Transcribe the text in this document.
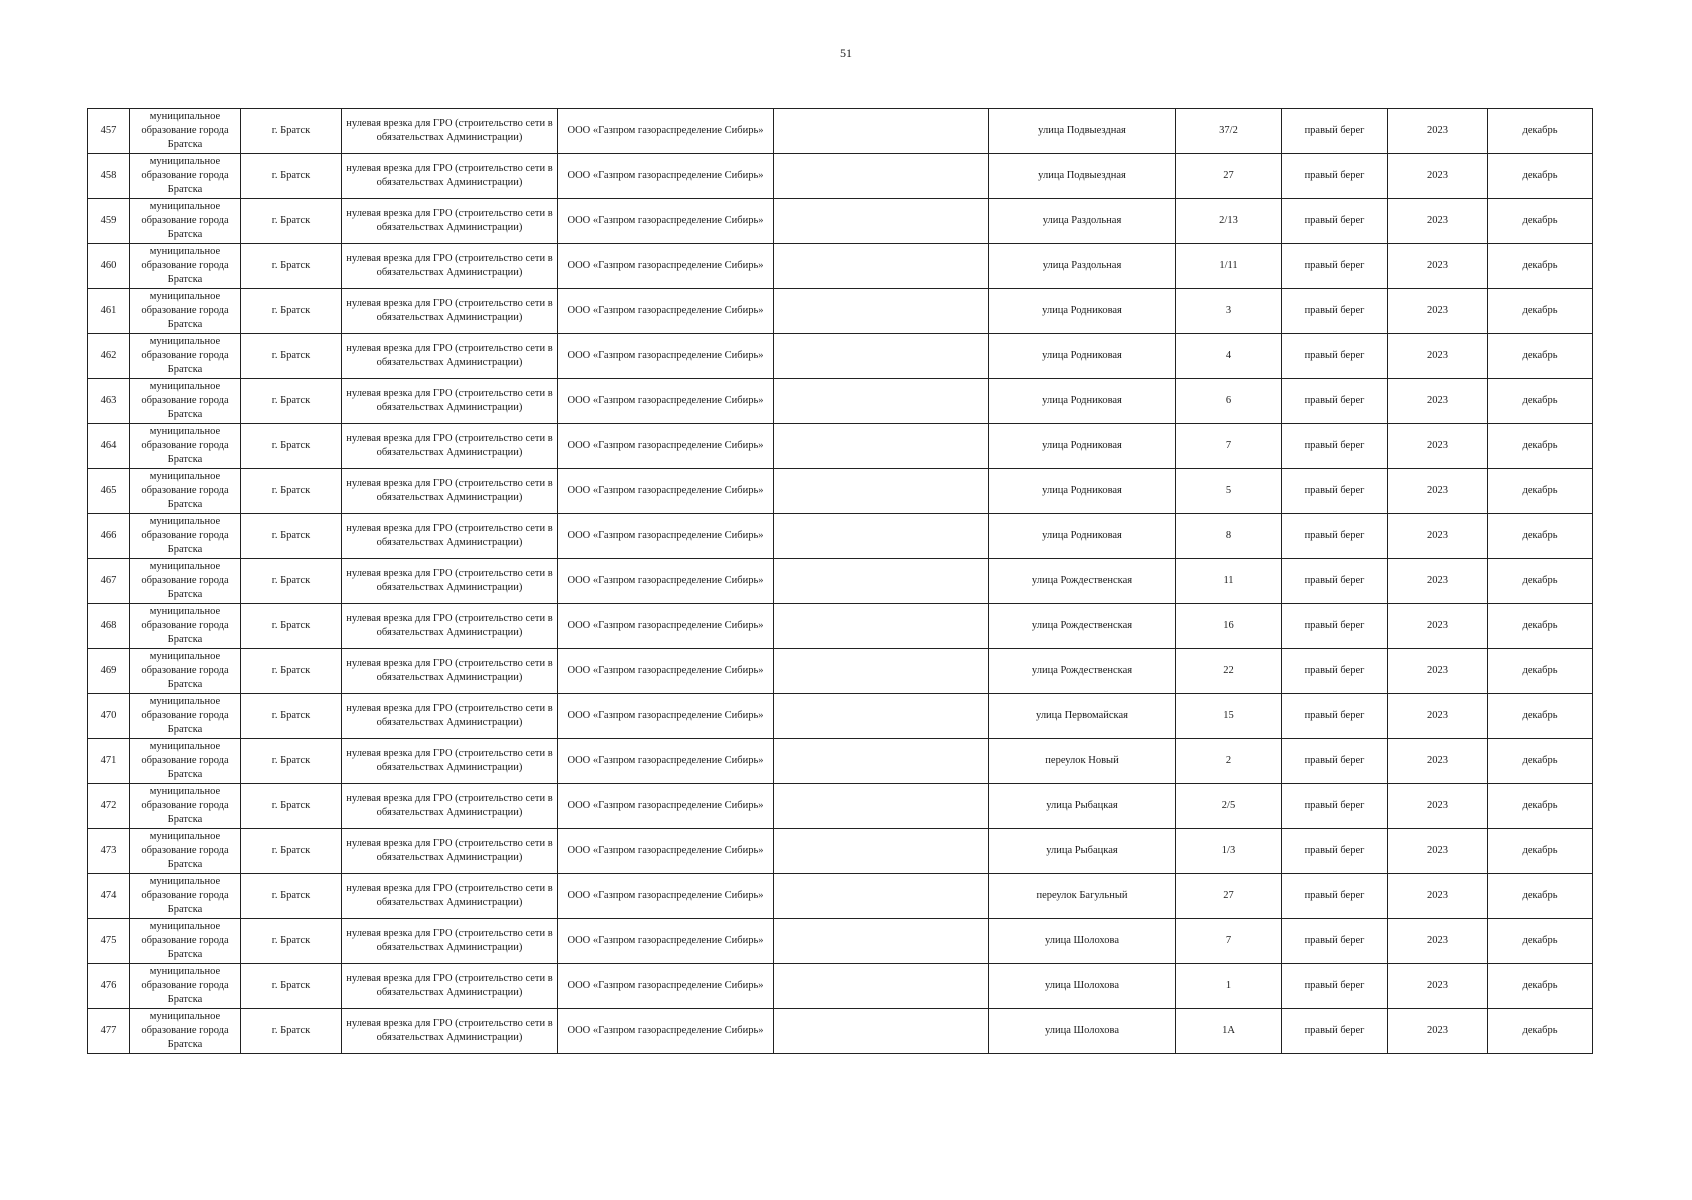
51
457	муниципальное образование города Братска	г. Братск	нулевая врезка для ГРО (строительство сети в обязательствах Администрации)	ООО «Газпром газораспределение Сибирь»		улица Подвыездная	37/2	правый берег	2023	декабрь
458	муниципальное образование города Братска	г. Братск	нулевая врезка для ГРО (строительство сети в обязательствах Администрации)	ООО «Газпром газораспределение Сибирь»		улица Подвыездная	27	правый берег	2023	декабрь
459	муниципальное образование города Братска	г. Братск	нулевая врезка для ГРО (строительство сети в обязательствах Администрации)	ООО «Газпром газораспределение Сибирь»		улица Раздольная	2/13	правый берег	2023	декабрь
460	муниципальное образование города Братска	г. Братск	нулевая врезка для ГРО (строительство сети в обязательствах Администрации)	ООО «Газпром газораспределение Сибирь»		улица Раздольная	1/11	правый берег	2023	декабрь
461	муниципальное образование города Братска	г. Братск	нулевая врезка для ГРО (строительство сети в обязательствах Администрации)	ООО «Газпром газораспределение Сибирь»		улица Родниковая	3	правый берег	2023	декабрь
462	муниципальное образование города Братска	г. Братск	нулевая врезка для ГРО (строительство сети в обязательствах Администрации)	ООО «Газпром газораспределение Сибирь»		улица Родниковая	4	правый берег	2023	декабрь
463	муниципальное образование города Братска	г. Братск	нулевая врезка для ГРО (строительство сети в обязательствах Администрации)	ООО «Газпром газораспределение Сибирь»		улица Родниковая	6	правый берег	2023	декабрь
464	муниципальное образование города Братска	г. Братск	нулевая врезка для ГРО (строительство сети в обязательствах Администрации)	ООО «Газпром газораспределение Сибирь»		улица Родниковая	7	правый берег	2023	декабрь
465	муниципальное образование города Братска	г. Братск	нулевая врезка для ГРО (строительство сети в обязательствах Администрации)	ООО «Газпром газораспределение Сибирь»		улица Родниковая	5	правый берег	2023	декабрь
466	муниципальное образование города Братска	г. Братск	нулевая врезка для ГРО (строительство сети в обязательствах Администрации)	ООО «Газпром газораспределение Сибирь»		улица Родниковая	8	правый берег	2023	декабрь
467	муниципальное образование города Братска	г. Братск	нулевая врезка для ГРО (строительство сети в обязательствах Администрации)	ООО «Газпром газораспределение Сибирь»		улица Рождественская	11	правый берег	2023	декабрь
468	муниципальное образование города Братска	г. Братск	нулевая врезка для ГРО (строительство сети в обязательствах Администрации)	ООО «Газпром газораспределение Сибирь»		улица Рождественская	16	правый берег	2023	декабрь
469	муниципальное образование города Братска	г. Братск	нулевая врезка для ГРО (строительство сети в обязательствах Администрации)	ООО «Газпром газораспределение Сибирь»		улица Рождественская	22	правый берег	2023	декабрь
470	муниципальное образование города Братска	г. Братск	нулевая врезка для ГРО (строительство сети в обязательствах Администрации)	ООО «Газпром газораспределение Сибирь»		улица Первомайская	15	правый берег	2023	декабрь
471	муниципальное образование города Братска	г. Братск	нулевая врезка для ГРО (строительство сети в обязательствах Администрации)	ООО «Газпром газораспределение Сибирь»		переулок Новый	2	правый берег	2023	декабрь
472	муниципальное образование города Братска	г. Братск	нулевая врезка для ГРО (строительство сети в обязательствах Администрации)	ООО «Газпром газораспределение Сибирь»		улица Рыбацкая	2/5	правый берег	2023	декабрь
473	муниципальное образование города Братска	г. Братск	нулевая врезка для ГРО (строительство сети в обязательствах Администрации)	ООО «Газпром газораспределение Сибирь»		улица Рыбацкая	1/3	правый берег	2023	декабрь
474	муниципальное образование города Братска	г. Братск	нулевая врезка для ГРО (строительство сети в обязательствах Администрации)	ООО «Газпром газораспределение Сибирь»		переулок Багульный	27	правый берег	2023	декабрь
475	муниципальное образование города Братска	г. Братск	нулевая врезка для ГРО (строительство сети в обязательствах Администрации)	ООО «Газпром газораспределение Сибирь»		улица Шолохова	7	правый берег	2023	декабрь
476	муниципальное образование города Братска	г. Братск	нулевая врезка для ГРО (строительство сети в обязательствах Администрации)	ООО «Газпром газораспределение Сибирь»		улица Шолохова	1	правый берег	2023	декабрь
477	муниципальное образование города Братска	г. Братск	нулевая врезка для ГРО (строительство сети в обязательствах Администрации)	ООО «Газпром газораспределение Сибирь»		улица Шолохова	1А	правый берег	2023	декабрь
